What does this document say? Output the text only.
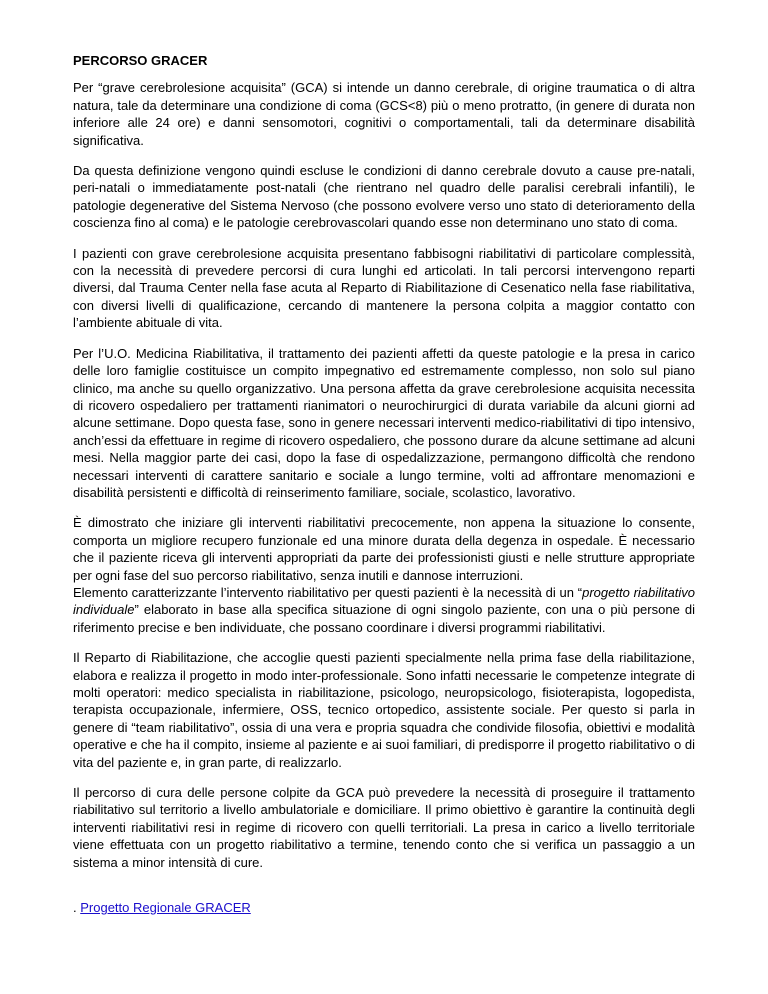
PERCORSO GRACER

Per “grave cerebrolesione acquisita” (GCA) si intende un danno cerebrale, di origine traumatica o di altra natura, tale da determinare una condizione di coma (GCS<8) più o meno protratto, (in genere di durata non inferiore alle 24 ore) e danni sensomotori, cognitivi o comportamentali, tali da determinare disabilità significativa.

Da questa definizione vengono quindi escluse le condizioni di danno cerebrale dovuto a cause pre-natali, peri-natali o immediatamente post-natali (che rientrano nel quadro delle paralisi cerebrali infantili), le patologie degenerative del Sistema Nervoso (che possono evolvere verso uno stato di deterioramento della coscienza fino al coma) e le patologie cerebrovascolari quando esse non determinano uno stato di coma.

I pazienti con grave cerebrolesione acquisita presentano fabbisogni riabilitativi di particolare complessità, con la necessità di prevedere percorsi di cura lunghi ed articolati. In tali percorsi intervengono reparti diversi, dal Trauma Center nella fase acuta al Reparto di Riabilitazione di Cesenatico nella fase riabilitativa, con diversi livelli di qualificazione, cercando di mantenere la persona colpita a maggior contatto con l’ambiente abituale di vita.

Per l’U.O. Medicina Riabilitativa, il trattamento dei pazienti affetti da queste patologie e la presa in carico delle loro famiglie costituisce un compito impegnativo ed estremamente complesso, non solo sul piano clinico, ma anche su quello organizzativo. Una persona affetta da grave cerebrolesione acquisita necessita di ricovero ospedaliero per trattamenti rianimatori o neurochirurgici di durata variabile da alcuni giorni ad alcune settimane. Dopo questa fase, sono in genere necessari interventi medico-riabilitativi di tipo intensivo, anch’essi da effettuare in regime di ricovero ospedaliero, che possono durare da alcune settimane ad alcuni mesi. Nella maggior parte dei casi, dopo la fase di ospedalizzazione, permangono difficoltà che rendono necessari interventi di carattere sanitario e sociale a lungo termine, volti ad affrontare menomazioni e disabilità persistenti e difficoltà di reinserimento familiare, sociale, scolastico, lavorativo.

È dimostrato che iniziare gli interventi riabilitativi precocemente, non appena la situazione lo consente, comporta un migliore recupero funzionale ed una minore durata della degenza in ospedale. È necessario che il paziente riceva gli interventi appropriati da parte dei professionisti giusti e nelle strutture appropriate per ogni fase del suo percorso riabilitativo, senza inutili e dannose interruzioni.

Elemento caratterizzante l’intervento riabilitativo per questi pazienti è la necessità di un “progetto riabilitativo individuale” elaborato in base alla specifica situazione di ogni singolo paziente, con una o più persone di riferimento precise e ben individuate, che possano coordinare i diversi programmi riabilitativi.

Il Reparto di Riabilitazione, che accoglie questi pazienti specialmente nella prima fase della riabilitazione, elabora e realizza il progetto in modo inter-professionale. Sono infatti necessarie le competenze integrate di molti operatori: medico specialista in riabilitazione, psicologo, neuropsicologo, fisioterapista, logopedista, terapista occupazionale, infermiere, OSS, tecnico ortopedico, assistente sociale. Per questo si parla in genere di “team riabilitativo”, ossia di una vera e propria squadra che condivide filosofia, obiettivi e modalità operative e che ha il compito, insieme al paziente e ai suoi familiari, di predisporre il progetto riabilitativo o di vita del paziente e, in gran parte, di realizzarlo.

Il percorso di cura delle persone colpite da GCA può prevedere la necessità di proseguire il trattamento riabilitativo sul territorio a livello ambulatoriale e domiciliare. Il primo obiettivo è garantire la continuità degli interventi riabilitativi resi in regime di ricovero con quelli territoriali. La presa in carico a livello territoriale viene effettuata con un progetto riabilitativo a termine, tenendo conto che si verifica un passaggio a un sistema a minor intensità di cure.

. Progetto Regionale GRACER
